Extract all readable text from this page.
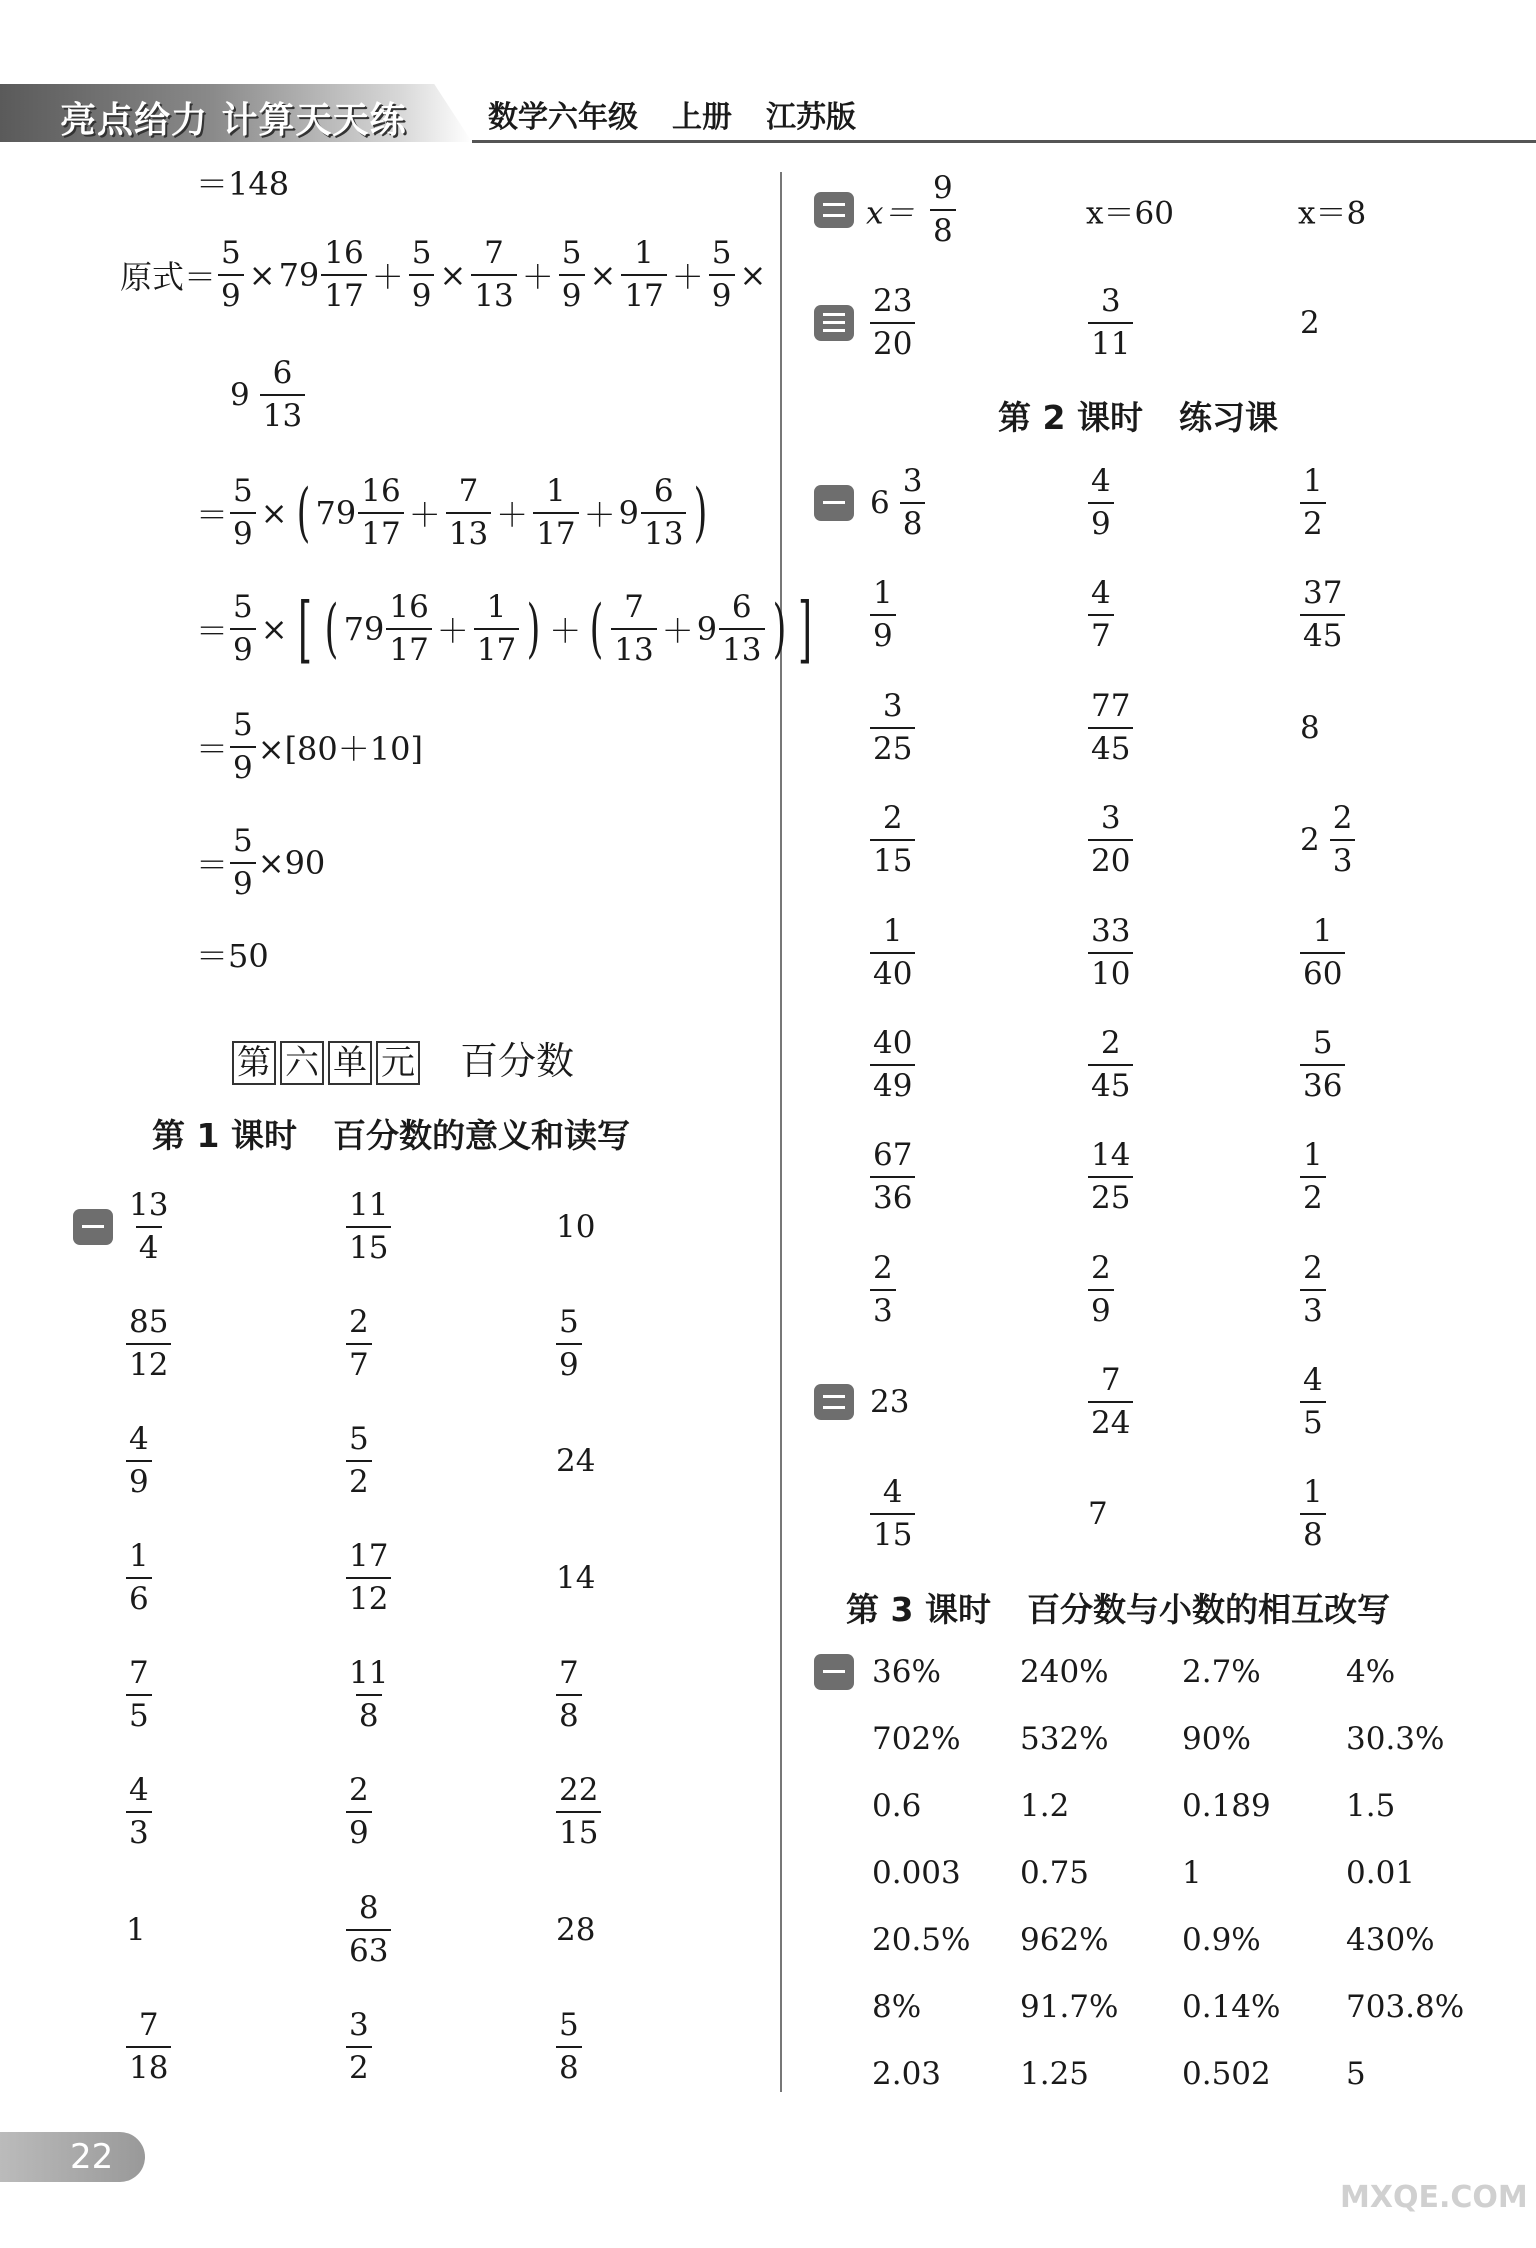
亮点给力 计算天天练	数学六年级 上册 江苏版
＝148
原式＝ $\frac{5}{9} \times 79 \frac{16}{17} + \frac{5}{9} \times \frac{7}{13} + \frac{5}{9} \times \frac{1}{17} + \frac{5}{9}$ ×
$9 \frac{6}{13}$
＝ $\frac{5}{9}$ × ( $79 \frac{16}{17} + \frac{7}{13} + \frac{1}{17} + 9 \frac{6}{13}$ )
＝ $\frac{5}{9}$ × [ ( $79 \frac{16}{17} + \frac{1}{17}$ ) ＋ ( $\frac{7}{13} + 9 \frac{6}{13}$ ) ]
＝ $\frac{5}{9} \times[80+10]$
＝ $\frac{5}{9} \times 90$
＝50
第 六 单 元 百分数
第 1 课时 百分数的意义和读写
第 2 课时 练习课
第 3 课时 百分数与小数的相互改写
22
MXQE.COM
$\frac{13}{4}$	$\frac{11}{15}$	10
$\frac{85}{12}$	$\frac{2}{7}$	$\frac{5}{9}$
$\frac{4}{9}$	$\frac{5}{2}$	24
$\frac{1}{6}$	$\frac{17}{12}$	14
$\frac{7}{5}$	$\frac{11}{8}$	$\frac{7}{8}$
$\frac{4}{3}$	$\frac{2}{9}$	$\frac{22}{15}$
1	$\frac{8}{63}$	28
$\frac{7}{18}$	$\frac{3}{2}$	$\frac{5}{8}$
$x= \frac{9}{8}$	x＝60	x＝8
$\frac{23}{20}$	$\frac{3}{11}$	2
$6 \frac{3}{8}$	$\frac{4}{9}$	$\frac{1}{2}$
$\frac{1}{9}$	$\frac{4}{7}$	$\frac{37}{45}$
$\frac{3}{25}$	$\frac{77}{45}$	8
$\frac{2}{15}$	$\frac{3}{20}$	$2 \frac{2}{3}$
$\frac{1}{40}$	$\frac{33}{10}$	$\frac{1}{60}$
$\frac{40}{49}$	$\frac{2}{45}$	$\frac{5}{36}$
$\frac{67}{36}$	$\frac{14}{25}$	$\frac{1}{2}$
$\frac{2}{3}$	$\frac{2}{9}$	$\frac{2}{3}$
23	$\frac{7}{24}$	$\frac{4}{5}$
$\frac{4}{15}$	7	$\frac{1}{8}$
36%	240% 2.7%	4%
702% 532% 90%	30.3%
0.6	1.2	0.189 1.5
0.003 0.75	1	0.01
20.5% 962% 0.9%	430%
8%	91.7% 0.14% 703.8%
2.03	1.25	0.502 5
